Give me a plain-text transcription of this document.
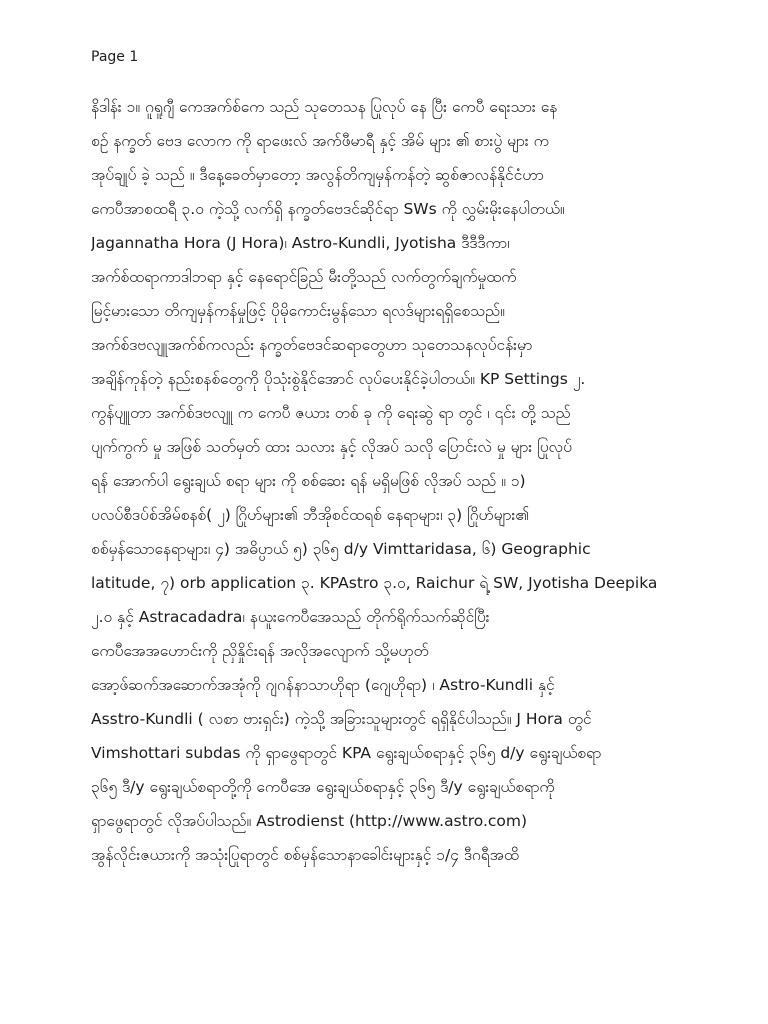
Page 1
နိဒါန်း ၁။ ဂူရူဂျီ ကေအက်စ်ကေ သည် သုတေသန ပြုလုပ် နေ ပြီး ကေပီ ရေးသား နေ
စဉ် နက္ခတ် ဗေဒ လောက ကို ရာဖေးလ် အက်ဖီမာရီ နှင့် အိမ် များ ၏ စားပွဲ များ က
အုပ်ချုပ် ခဲ့ သည် ။ ဒီနေ့ခေတ်မှာတော့ အလွန်တိကျမှန်ကန်တဲ့ ဆွစ်ဇာလန်နိုင်ငံဟာ
ကေပီအာစထရီ ၃.၀ ကဲ့သို့ လက်ရှိ နက္ခတ်ဗေဒင်ဆိုင်ရာ SWs ကို လွှမ်းမိုးနေပါတယ်။
Jagannatha Hora (J Hora)၊ Astro-Kundli, Jyotisha ဒီဒီဒီကာ၊
အက်စ်ထရာကာဒါဘရာ နှင့် နေရောင်ခြည် မီးတို့သည် လက်တွက်ချက်မှုထက်
မြင့်မားသော တိကျမှန်ကန်မှုဖြင့် ပိုမိုကောင်းမွန်သော ရလဒ်များရရှိစေသည်။
အက်စ်ဒဗလျူအက်စ်ကလည်း နက္ခတ်ဗေဒင်ဆရာတွေဟာ သုတေသနလုပ်ငန်းမှာ
အချိန်ကုန်တဲ့ နည်းစနစ်တွေကို ပိုသုံးစွဲနိုင်အောင် လုပ်ပေးနိုင်ခဲ့ပါတယ်။ KP Settings ၂.
ကွန်ပျူတာ အက်စ်ဒဗလျူ က ကေပီ ဇယား တစ် ခု ကို ရေးဆွဲ ရာ တွင် ၊ ၎င်း တို့ သည်
ပျက်ကွက် မှု အဖြစ် သတ်မှတ် ထား သလား နှင့် လိုအပ် သလို ပြောင်းလဲ မှု များ ပြုလုပ်
ရန် အောက်ပါ ရွေးချယ် စရာ များ ကို စစ်ဆေး ရန် မရှိမဖြစ် လိုအပ် သည် ။ ၁)
ပလပ်စီဒပ်စ်အိမ်စနစ်( ၂) ဂြိုဟ်များ၏ ဘီအိုစင်ထရစ် နေရာများ၊ ၃) ဂြိုဟ်များ၏
စစ်မှန်သောနေရာများ၊ ၄) အဓိပ္ပာယ် ၅) ၃၆၅ d/y Vimttaridasa, ၆) Geographic
latitude, ၇) orb application ၃. KPAstro ၃.၀, Raichur ရဲ့ SW, Jyotisha Deepika
၂.၀ နှင့် Astracadadra၊ နယူးကေပီအေသည် တိုက်ရိုက်သက်ဆိုင်ပြီး
ကေပီအေအဟောင်းကို ညှိနှိုင်းရန် အလိုအလျောက် သို့မဟုတ်
အော့ဖ်ဆက်အဆောက်အအုံကို ဂျဂန်နာသာဟိုရာ (ဂျေဟိုရာ) ၊ Astro-Kundli နှင့်
Asstro-Kundli ( လစာ ဗားရှင်း) ကဲ့သို့ အခြားသူများတွင် ရရှိနိုင်ပါသည်။ J Hora တွင်
Vimshottari subdas ကို ရှာဖွေရာတွင် KPA ရွေးချယ်စရာနှင့် ၃၆၅ d/y ရွေးချယ်စရာ
၃၆၅ ဒီ/y ရွေးချယ်စရာတို့ကို ကေပီအေ ရွေးချယ်စရာနှင့် ၃၆၅ ဒီ/y ရွေးချယ်စရာကို
ရှာဖွေရာတွင် လိုအပ်ပါသည်။ Astrodienst (http://www.astro.com)
အွန်လိုင်းဇယားကို အသုံးပြုရာတွင် စစ်မှန်သောနာခေါင်းများနှင့် ၁/၄ ဒီဂရီအထိ
